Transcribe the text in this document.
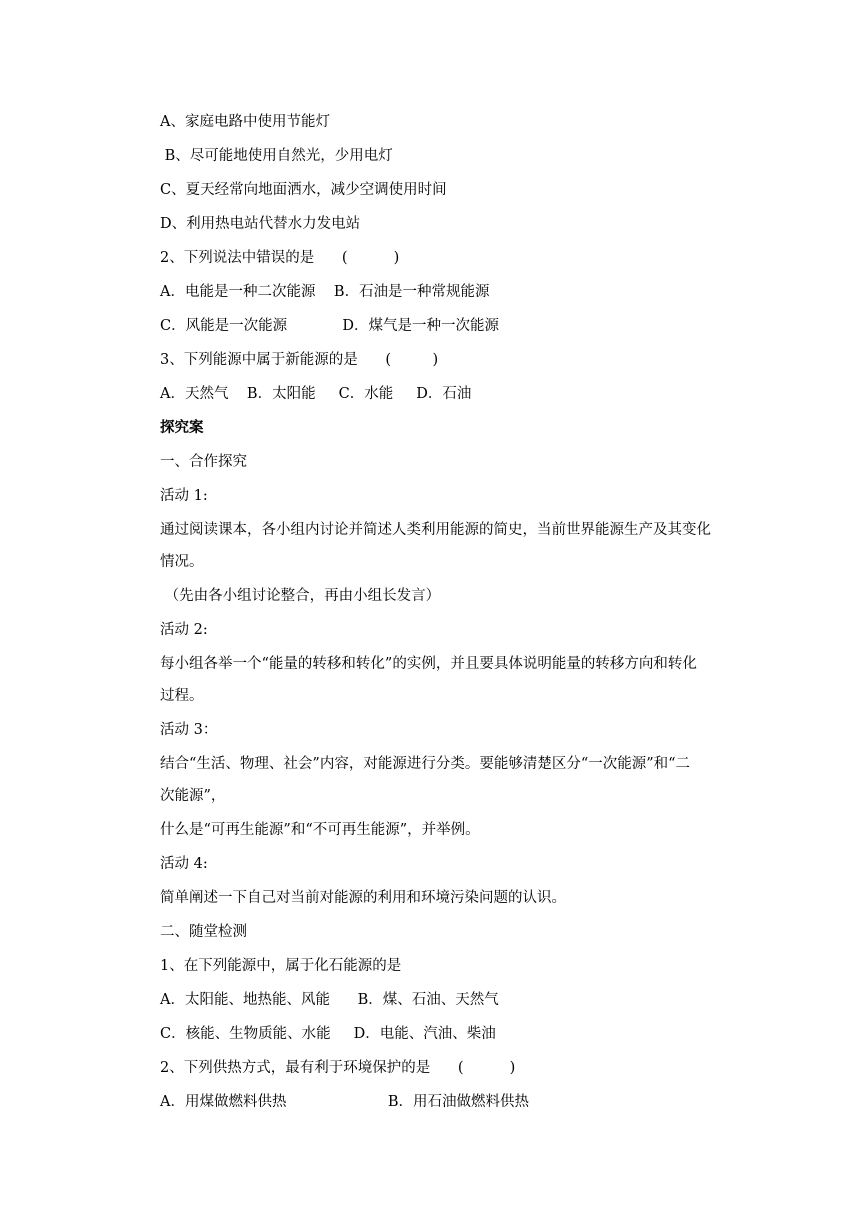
A、家庭电路中使用节能灯
B、尽可能地使用自然光，少用电灯
C、夏天经常向地面洒水，减少空调使用时间
D、利用热电站代替水力发电站
2、下列说法中错误的是      (          )
A．电能是一种二次能源    B．石油是一种常规能源
C．风能是一次能源            D．煤气是一种一次能源
3、下列能源中属于新能源的是      (         )
A．天然气    B．太阳能     C．水能     D．石油
探究案
一、合作探究
活动 1:
通过阅读课本，各小组内讨论并简述人类利用能源的简史，当前世界能源生产及其变化
情况。
（先由各小组讨论整合，再由小组长发言）
活动 2:
每小组各举一个“能量的转移和转化”的实例，并且要具体说明能量的转移方向和转化
过程。
活动 3：
结合“生活、物理、社会”内容，对能源进行分类。要能够清楚区分“一次能源”和“二
次能源”，
什么是“可再生能源”和“不可再生能源”，并举例。
活动 4:
简单阐述一下自己对当前对能源的利用和环境污染问题的认识。
二、随堂检测
1、在下列能源中，属于化石能源的是
A．太阳能、地热能、风能      B．煤、石油、天然气
C．核能、生物质能、水能     D．电能、汽油、柴油
2、下列供热方式，最有利于环境保护的是      (          )
A．用煤做燃料供热                      B．用石油做燃料供热
